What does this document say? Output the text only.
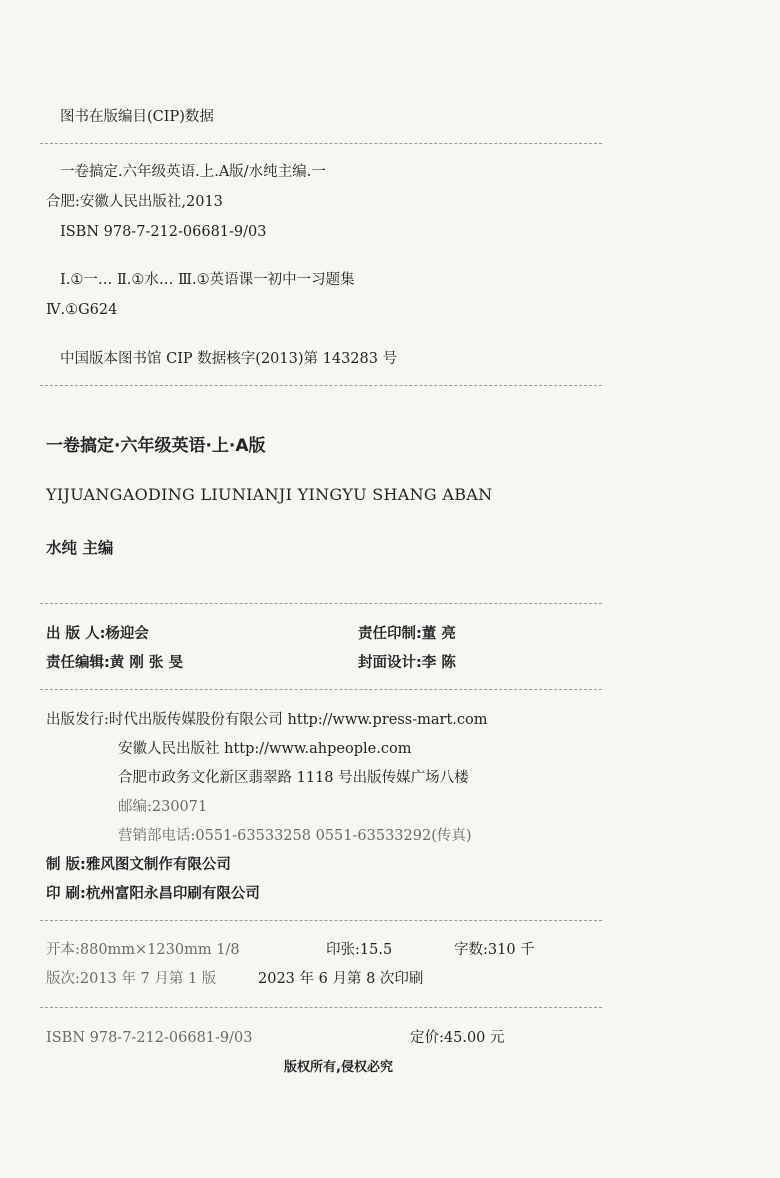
图书在版编目(CIP)数据
一卷搞定.六年级英语.上.A版/水纯主编.一
合肥:安徽人民出版社,2013
ISBN 978-7-212-06681-9/03
Ⅰ.①一… Ⅱ.①水… Ⅲ.①英语课一初中一习题集
Ⅳ.①G624
中国版本图书馆 CIP 数据核字(2013)第 143283 号
一卷搞定·六年级英语·上·A版
YIJUANGAODING LIUNIANJI YINGYU SHANG ABAN
水纯 主编
出 版 人:杨迎会	责任印制:董 亮
责任编辑:黄 刚 张 旻	封面设计:李 陈
出版发行:时代出版传媒股份有限公司 http://www.press-mart.com
安徽人民出版社 http://www.ahpeople.com
合肥市政务文化新区翡翠路 1118 号出版传媒广场八楼
邮编:230071
营销部电话:0551-63533258 0551-63533292(传真)
制 版:雅风图文制作有限公司
印 刷:杭州富阳永昌印刷有限公司
开本:880mm×1230mm 1/8	印张:15.5	字数:310 千
版次:2013 年 7 月第 1 版	2023 年 6 月第 8 次印刷
ISBN 978-7-212-06681-9/03	定价:45.00 元
版权所有,侵权必究
